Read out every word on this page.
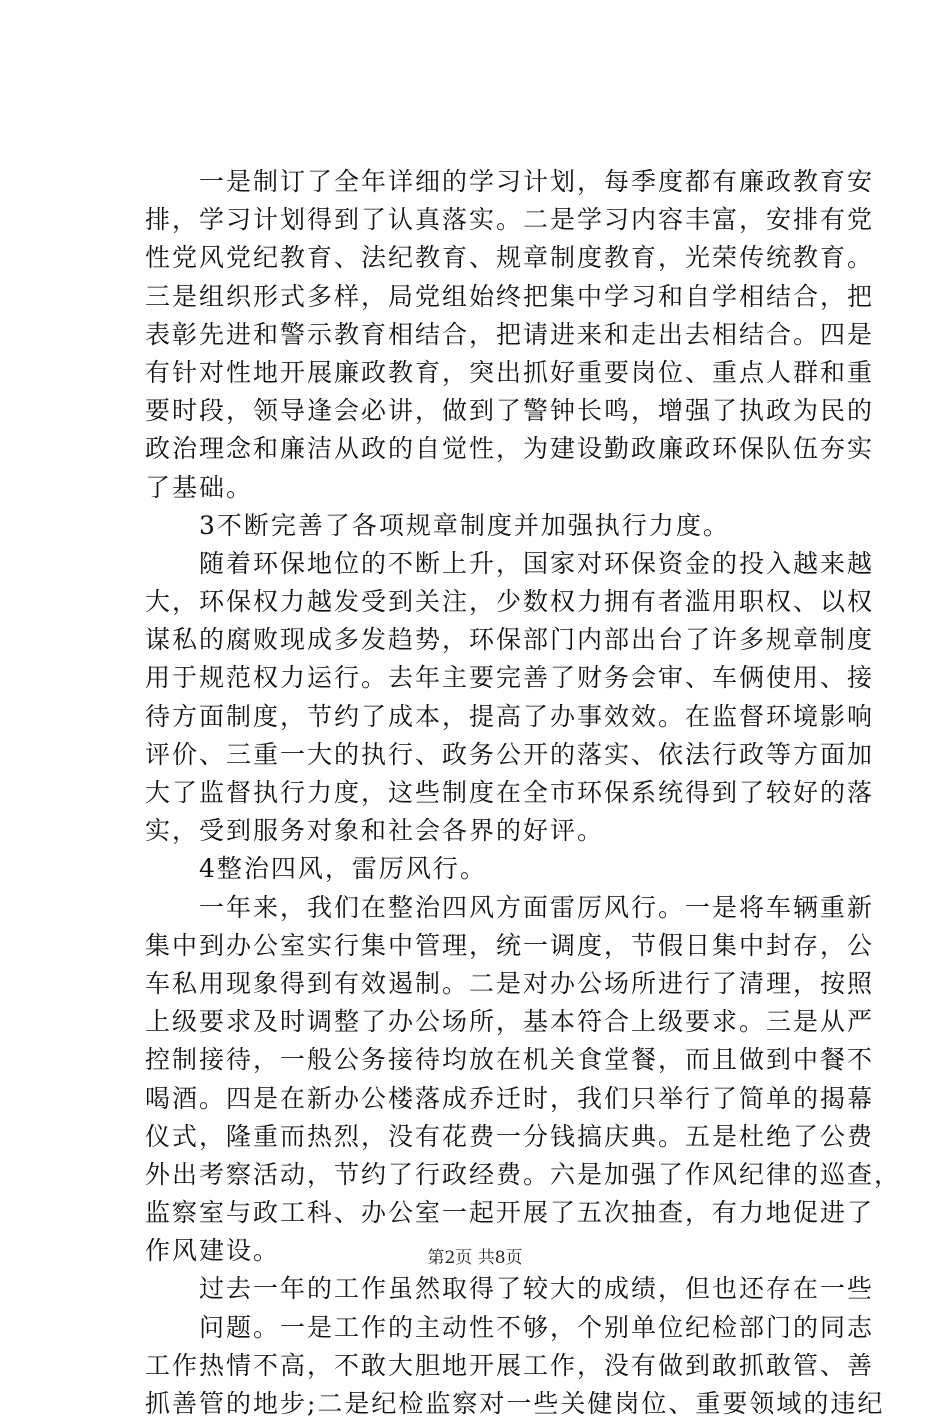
　　一是制订了全年详细的学习计划，每季度都有廉政教育安
排，学习计划得到了认真落实。二是学习内容丰富，安排有党
性党风党纪教育、法纪教育、规章制度教育，光荣传统教育。
三是组织形式多样，局党组始终把集中学习和自学相结合，把
表彰先进和警示教育相结合，把请进来和走出去相结合。四是
有针对性地开展廉政教育，突出抓好重要岗位、重点人群和重
要时段，领导逢会必讲，做到了警钟长鸣，增强了执政为民的
政治理念和廉洁从政的自觉性，为建设勤政廉政环保队伍夯实
了基础。
　　3不断完善了各项规章制度并加强执行力度。
　　随着环保地位的不断上升，国家对环保资金的投入越来越
大，环保权力越发受到关注，少数权力拥有者滥用职权、以权
谋私的腐败现成多发趋势，环保部门内部出台了许多规章制度
用于规范权力运行。去年主要完善了财务会审、车俩使用、接
待方面制度，节约了成本，提高了办事效效。在监督环境影响
评价、三重一大的执行、政务公开的落实、依法行政等方面加
大了监督执行力度，这些制度在全市环保系统得到了较好的落
实，受到服务对象和社会各界的好评。
　　4整治四风，雷厉风行。
　　一年来，我们在整治四风方面雷厉风行。一是将车辆重新
集中到办公室实行集中管理，统一调度，节假日集中封存，公
车私用现象得到有效遏制。二是对办公场所进行了清理，按照
上级要求及时调整了办公场所，基本符合上级要求。三是从严
控制接待，一般公务接待均放在机关食堂餐，而且做到中餐不
喝酒。四是在新办公楼落成乔迁时，我们只举行了简单的揭幕
仪式，隆重而热烈，没有花费一分钱搞庆典。五是杜绝了公费
外出考察活动，节约了行政经费。六是加强了作风纪律的巡查，
监察室与政工科、办公室一起开展了五次抽查，有力地促进了
作风建设。
　　过去一年的工作虽然取得了较大的成绩，但也还存在一些
　　问题。一是工作的主动性不够，个别单位纪检部门的同志
工作热情不高，不敢大胆地开展工作，没有做到敢抓敢管、善
抓善管的地步;二是纪检监察对一些关健岗位、重要领域的违纪
第2页 共8页
